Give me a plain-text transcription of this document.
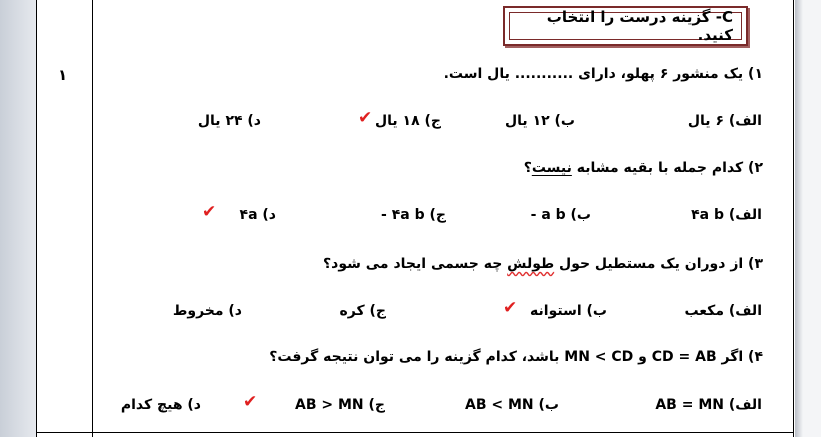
۱
C- گزینه درست را انتخاب کنید.
۱) یک منشور ۶ پهلو، دارای ........... یال است.
الف) ۶ یال
ب) ۱۲ یال
ج) ۱۸ یال
✔
د) ۲۴ یال
۲) کدام جمله با بقیه مشابه نیست؟
الف) ۴a b
ب) a b -
ج) ۴a b -
د) ۴a
✔
۳) از دوران یک مستطیل حول طولش چه جسمی ایجاد می شود؟
الف) مکعب
ب) استوانه
✔
ج) کره
د) مخروط
۴) اگر CD = AB و MN < CD باشد، کدام گزینه را می توان نتیجه گرفت؟
الف) AB = MN
ب) AB < MN
ج) AB > MN
✔
د) هیچ کدام
